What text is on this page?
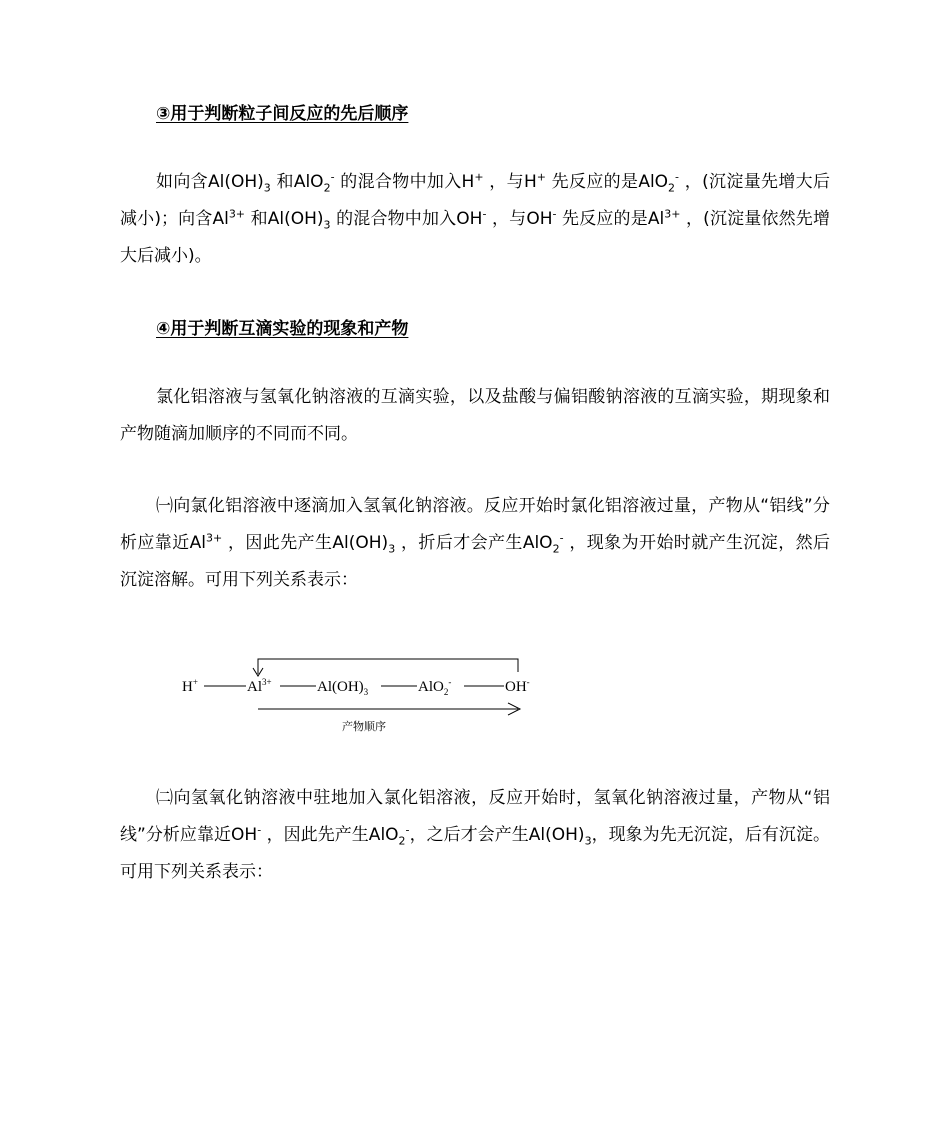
③用于判断粒子间反应的先后顺序

如向含$Al(OH)_3$ 和AlO$_2$- 的混合物中加入H+ ，与H+ 先反应的是AlO$_2$- ，(沉淀量先增大后减小)；向含$Al^{3+}$ 和$Al(OH)_3$ 的混合物中加入OH- ，与OH- 先反应的是$Al^{3+}$ ，(沉淀量依然先增大后减小)。

④用于判断互滴实验的现象和产物

氯化铝溶液与氢氧化钠溶液的互滴实验，以及盐酸与偏铝酸钠溶液的互滴实验，期现象和产物随滴加顺序的不同而不同。

㈠向氯化铝溶液中逐滴加入氢氧化钠溶液。反应开始时氯化铝溶液过量，产物从“铝线”分析应靠近$Al^{3+}$ ，因此先产生$Al(OH)_3$ ，折后才会产生AlO$_2$- ，现象为开始时就产生沉淀，然后沉淀溶解。可用下列关系表示：

H+	$Al^{3+}$	$Al(OH)_3$	AlO$_2$-	OH-
产物顺序

㈡向氢氧化钠溶液中驻地加入氯化铝溶液，反应开始时，氢氧化钠溶液过量，产物从“铝线”分析应靠近OH- ，因此先产生AlO$_2$-，之后才会产生$Al(OH)_3$，现象为先无沉淀，后有沉淀。可用下列关系表示：
